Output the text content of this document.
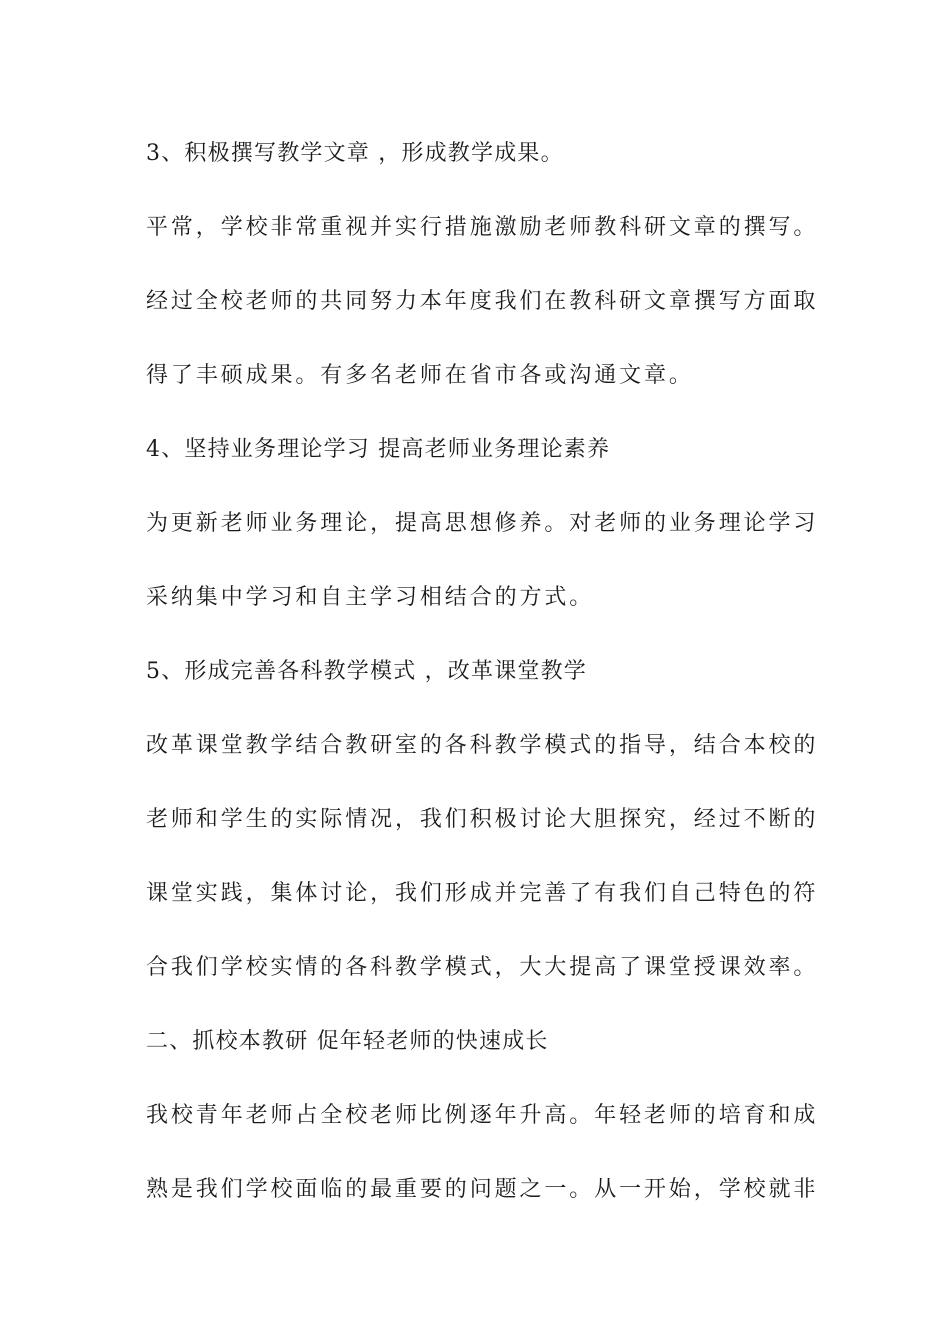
3、积极撰写教学文章 ，形成教学成果。
平常，学校非常重视并实行措施激励老师教科研文章的撰写。
经过全校老师的共同努力本年度我们在教科研文章撰写方面取
得了丰硕成果。有多名老师在省市各或沟通文章。
4、坚持业务理论学习 提高老师业务理论素养
为更新老师业务理论，提高思想修养。对老师的业务理论学习
采纳集中学习和自主学习相结合的方式。
5、形成完善各科教学模式 ，改革课堂教学
改革课堂教学结合教研室的各科教学模式的指导，结合本校的
老师和学生的实际情况，我们积极讨论大胆探究，经过不断的
课堂实践，集体讨论，我们形成并完善了有我们自己特色的符
合我们学校实情的各科教学模式，大大提高了课堂授课效率。
二、抓校本教研 促年轻老师的快速成长
我校青年老师占全校老师比例逐年升高。年轻老师的培育和成
熟是我们学校面临的最重要的问题之一。从一开始，学校就非
